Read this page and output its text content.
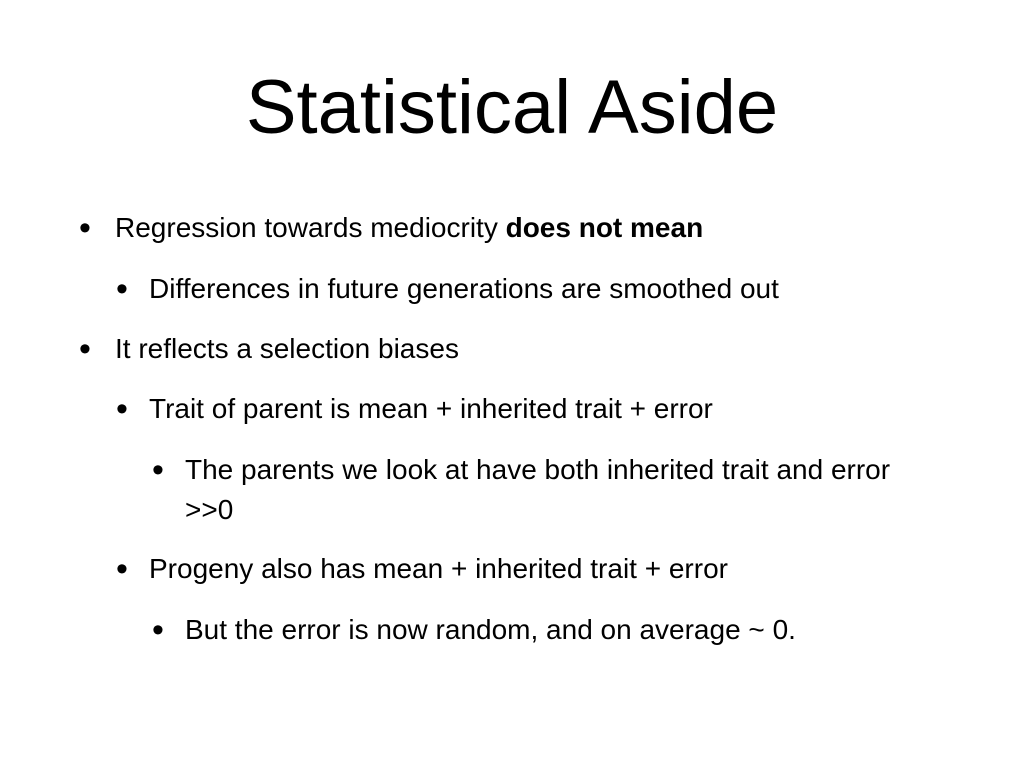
Statistical Aside
• Regression towards mediocrity does not mean
• Differences in future generations are smoothed out
• It reflects a selection biases
• Trait of parent is mean + inherited trait + error
• The parents we look at have both inherited trait and error >>0
• Progeny also has mean + inherited trait + error
• But the error is now random, and on average ~ 0.
